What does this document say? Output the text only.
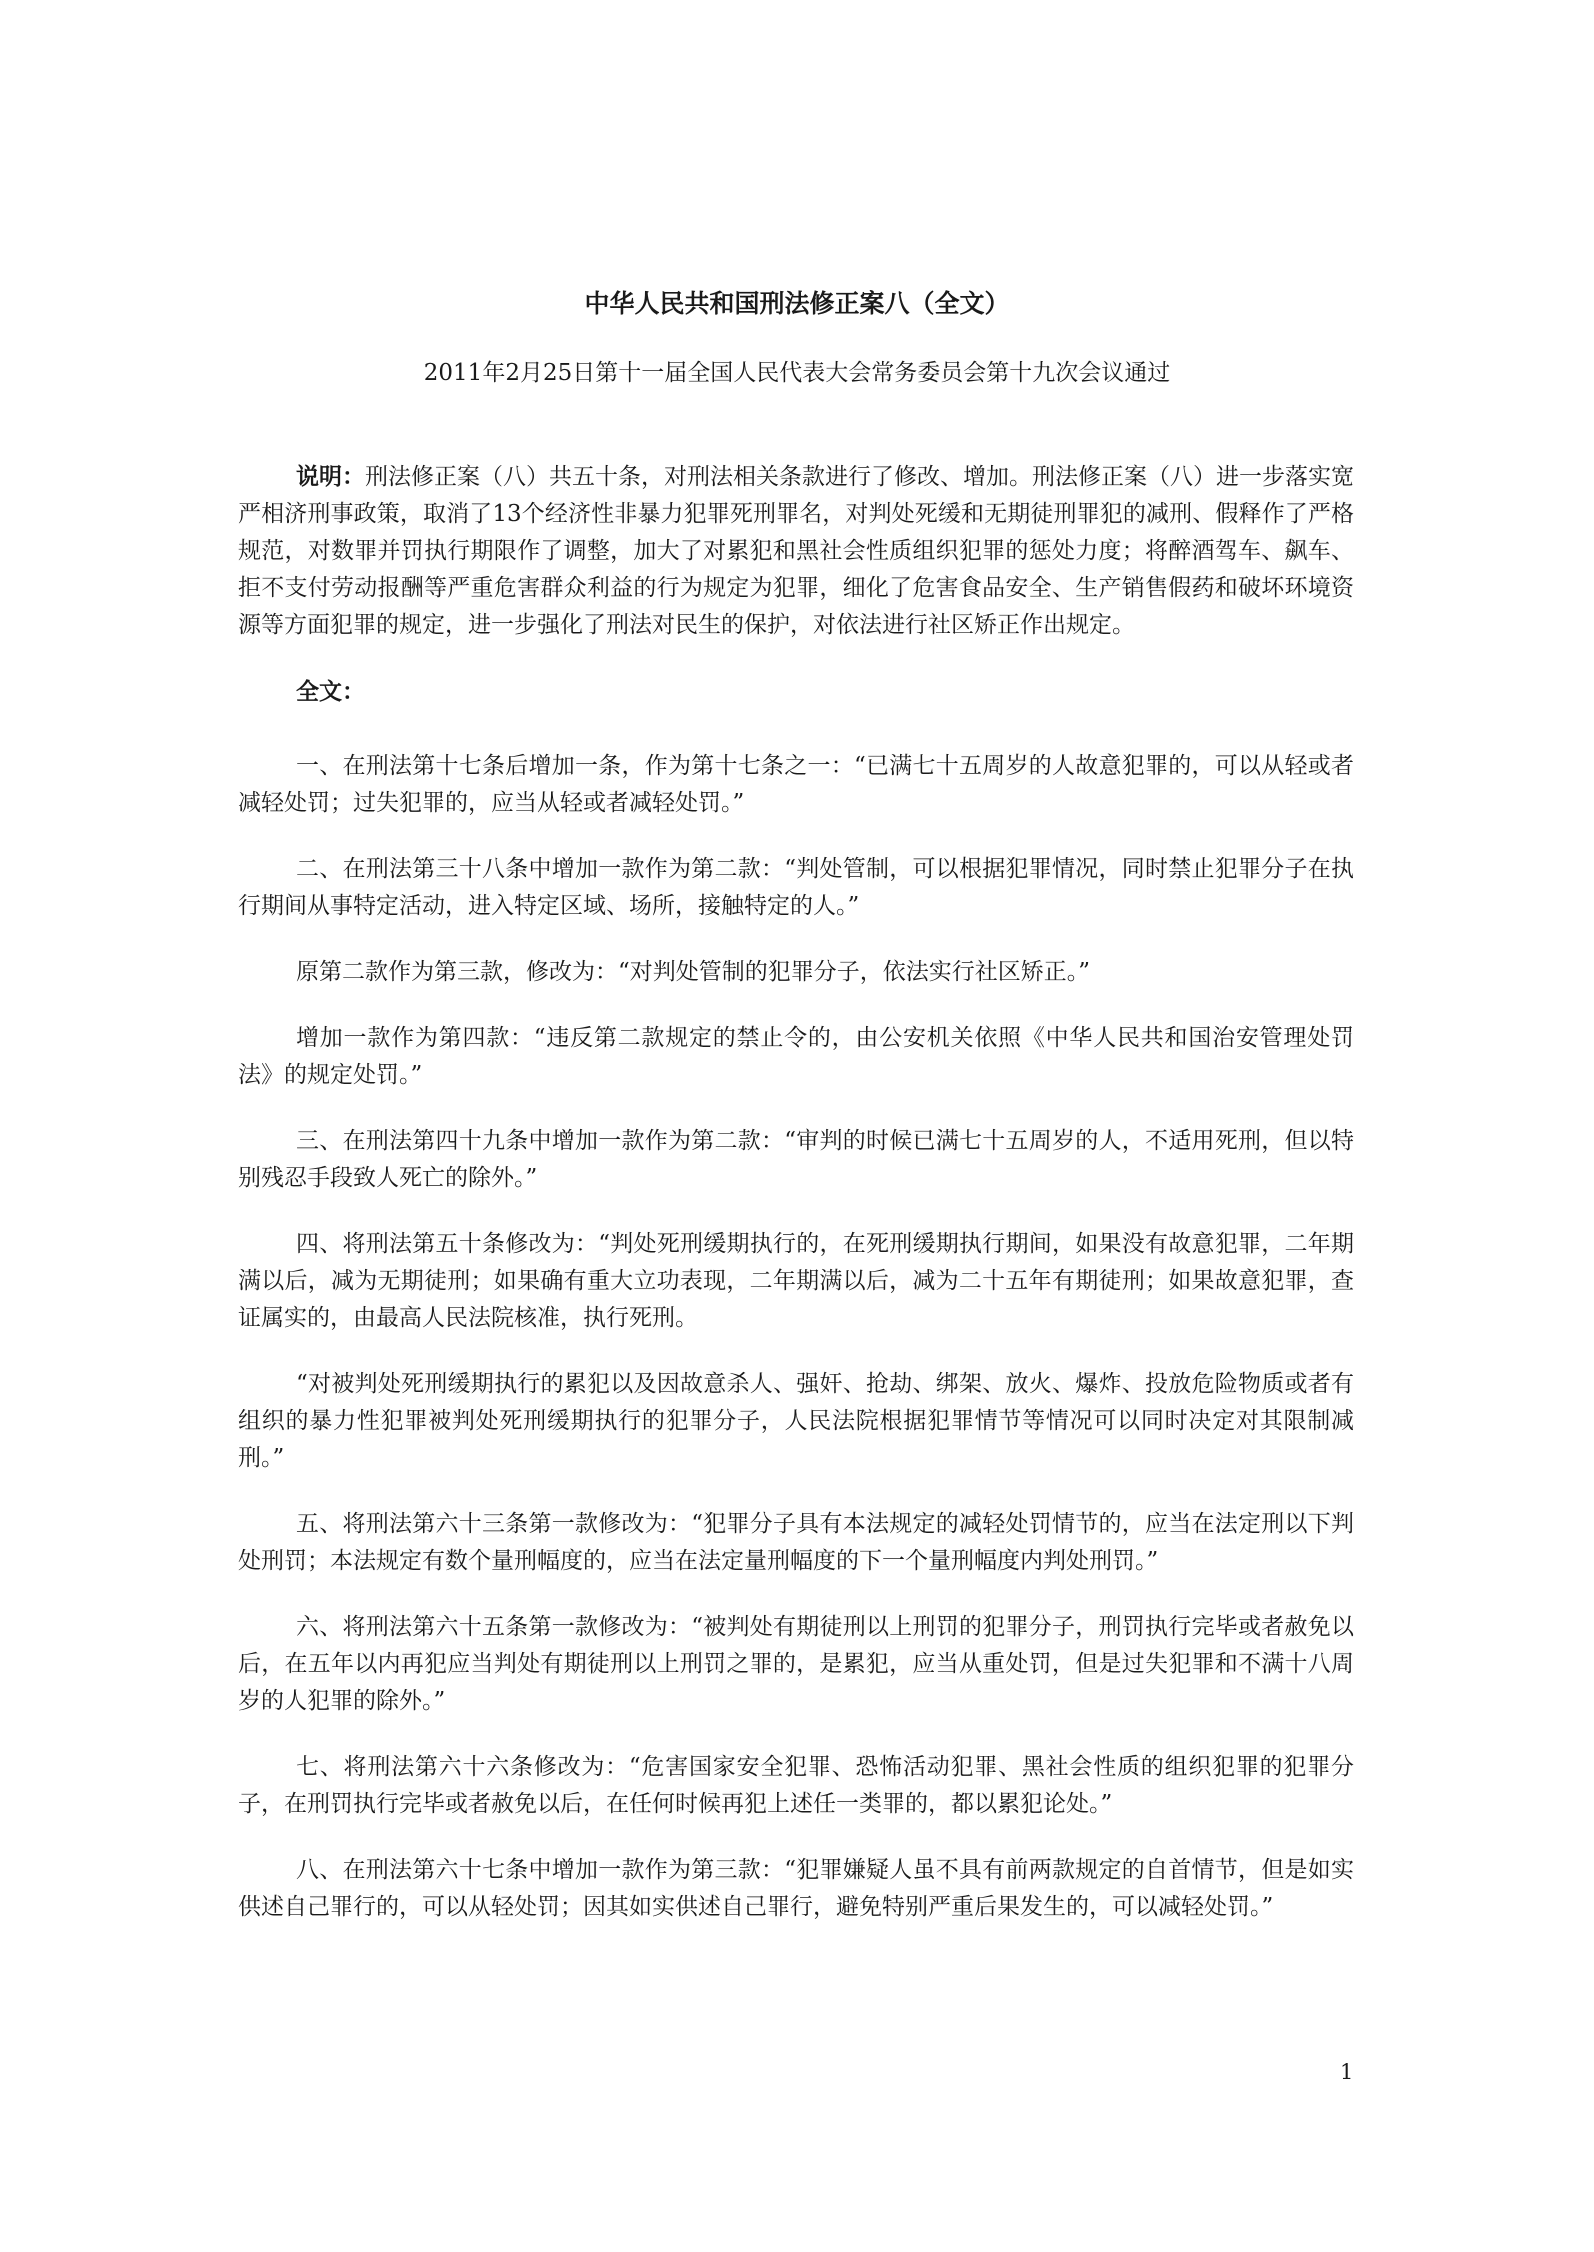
中华人民共和国刑法修正案八（全文）
2011年2月25日第十一届全国人民代表大会常务委员会第十九次会议通过

说明：刑法修正案（八）共五十条，对刑法相关条款进行了修改、增加。刑法修正案（八）进一步落实宽严相济刑事政策，取消了13个经济性非暴力犯罪死刑罪名，对判处死缓和无期徒刑罪犯的减刑、假释作了严格规范，对数罪并罚执行期限作了调整，加大了对累犯和黑社会性质组织犯罪的惩处力度；将醉酒驾车、飙车、拒不支付劳动报酬等严重危害群众利益的行为规定为犯罪，细化了危害食品安全、生产销售假药和破坏环境资源等方面犯罪的规定，进一步强化了刑法对民生的保护，对依法进行社区矫正作出规定。

全文：

一、在刑法第十七条后增加一条，作为第十七条之一：“已满七十五周岁的人故意犯罪的，可以从轻或者减轻处罚；过失犯罪的，应当从轻或者减轻处罚。”

二、在刑法第三十八条中增加一款作为第二款：“判处管制，可以根据犯罪情况，同时禁止犯罪分子在执行期间从事特定活动，进入特定区域、场所，接触特定的人。”

原第二款作为第三款，修改为：“对判处管制的犯罪分子，依法实行社区矫正。”

增加一款作为第四款：“违反第二款规定的禁止令的，由公安机关依照《中华人民共和国治安管理处罚法》的规定处罚。”

三、在刑法第四十九条中增加一款作为第二款：“审判的时候已满七十五周岁的人，不适用死刑，但以特别残忍手段致人死亡的除外。”

四、将刑法第五十条修改为：“判处死刑缓期执行的，在死刑缓期执行期间，如果没有故意犯罪，二年期满以后，减为无期徒刑；如果确有重大立功表现，二年期满以后，减为二十五年有期徒刑；如果故意犯罪，查证属实的，由最高人民法院核准，执行死刑。

“对被判处死刑缓期执行的累犯以及因故意杀人、强奸、抢劫、绑架、放火、爆炸、投放危险物质或者有组织的暴力性犯罪被判处死刑缓期执行的犯罪分子，人民法院根据犯罪情节等情况可以同时决定对其限制减刑。”

五、将刑法第六十三条第一款修改为：“犯罪分子具有本法规定的减轻处罚情节的，应当在法定刑以下判处刑罚；本法规定有数个量刑幅度的，应当在法定量刑幅度的下一个量刑幅度内判处刑罚。”

六、将刑法第六十五条第一款修改为：“被判处有期徒刑以上刑罚的犯罪分子，刑罚执行完毕或者赦免以后，在五年以内再犯应当判处有期徒刑以上刑罚之罪的，是累犯，应当从重处罚，但是过失犯罪和不满十八周岁的人犯罪的除外。”

七、将刑法第六十六条修改为：“危害国家安全犯罪、恐怖活动犯罪、黑社会性质的组织犯罪的犯罪分子，在刑罚执行完毕或者赦免以后，在任何时候再犯上述任一类罪的，都以累犯论处。”

八、在刑法第六十七条中增加一款作为第三款：“犯罪嫌疑人虽不具有前两款规定的自首情节，但是如实供述自己罪行的，可以从轻处罚；因其如实供述自己罪行，避免特别严重后果发生的，可以减轻处罚。”

1
